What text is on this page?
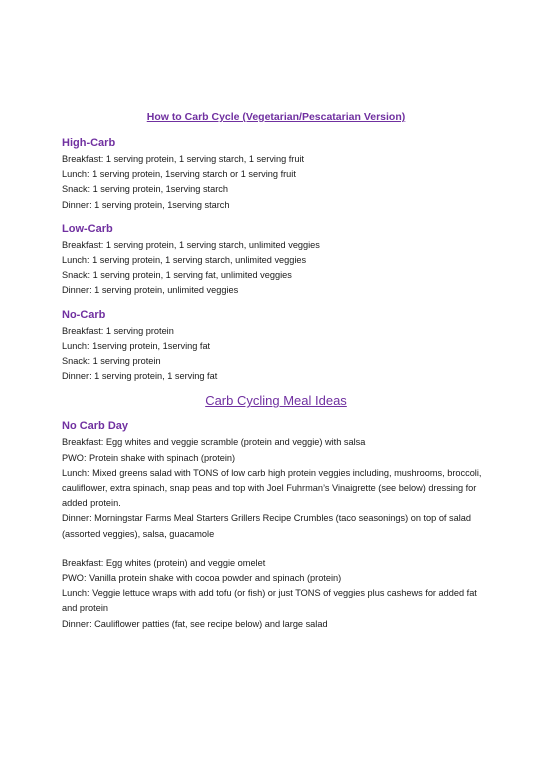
How to Carb Cycle (Vegetarian/Pescatarian Version)
High-Carb

Breakfast: 1 serving protein, 1 serving starch, 1 serving fruit

Lunch: 1 serving protein, 1serving starch or 1 serving fruit

Snack: 1 serving protein, 1serving starch

Dinner: 1 serving protein, 1serving starch

Low-Carb

Breakfast: 1 serving protein, 1 serving starch, unlimited veggies

Lunch: 1 serving protein, 1 serving starch, unlimited veggies

Snack: 1 serving protein, 1 serving fat, unlimited veggies

Dinner: 1 serving protein, unlimited veggies

No-Carb

Breakfast: 1 serving protein

Lunch: 1serving protein, 1serving fat

Snack: 1 serving protein

Dinner: 1 serving protein, 1 serving fat

Carb Cycling Meal Ideas
No Carb Day

Breakfast: Egg whites and veggie scramble (protein and veggie) with salsa

PWO: Protein shake with spinach (protein)

Lunch: Mixed greens salad with TONS of low carb high protein veggies including, mushrooms, broccoli, cauliflower, extra spinach, snap peas and top with Joel Fuhrman’s Vinaigrette (see below) dressing for added protein.

Dinner: Morningstar Farms Meal Starters Grillers Recipe Crumbles (taco seasonings) on top of salad (assorted veggies), salsa, guacamole

Breakfast: Egg whites (protein) and veggie omelet

PWO: Vanilla protein shake with cocoa powder and spinach (protein)

Lunch: Veggie lettuce wraps with add tofu (or fish) or just TONS of veggies plus cashews for added fat and protein

Dinner: Cauliflower patties (fat, see recipe below) and large salad
